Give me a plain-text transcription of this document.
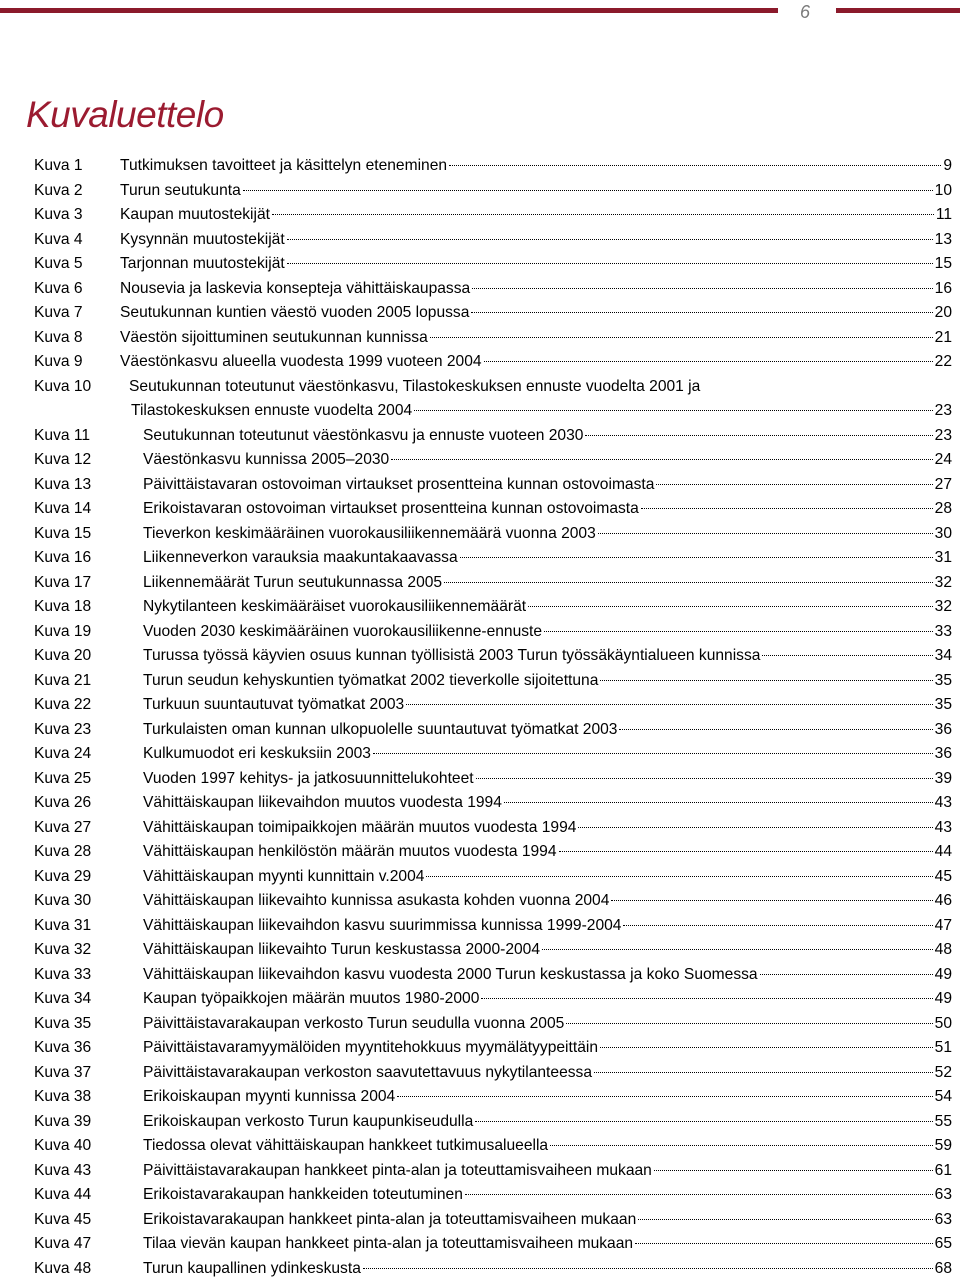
6
Kuvaluettelo
Kuva 1	Tutkimuksen tavoitteet ja käsittelyn eteneminen	9
Kuva 2	Turun seutukunta	10
Kuva 3	Kaupan muutostekijät	11
Kuva 4	Kysynnän muutostekijät	13
Kuva 5	Tarjonnan muutostekijät	15
Kuva 6	Nousevia ja laskevia konsepteja vähittäiskaupassa	16
Kuva 7	Seutukunnan kuntien väestö vuoden 2005 lopussa	20
Kuva 8	Väestön sijoittuminen seutukunnan kunnissa	21
Kuva 9	Väestönkasvu alueella vuodesta 1999 vuoteen 2004	22
Kuva 10	Seutukunnan toteutunut väestönkasvu, Tilastokeskuksen ennuste vuodelta 2001 ja
Tilastokeskuksen ennuste vuodelta 2004	23
Kuva 11	Seutukunnan toteutunut väestönkasvu ja ennuste vuoteen 2030	23
Kuva 12	Väestönkasvu kunnissa 2005–2030	24
Kuva 13	Päivittäistavaran ostovoiman virtaukset prosentteina kunnan ostovoimasta	27
Kuva 14	Erikoistavaran ostovoiman virtaukset prosentteina kunnan ostovoimasta	28
Kuva 15	Tieverkon keskimääräinen vuorokausiliikennemäärä vuonna 2003	30
Kuva 16	Liikenneverkon varauksia maakuntakaavassa	31
Kuva 17	Liikennemäärät Turun seutukunnassa 2005	32
Kuva 18	Nykytilanteen keskimääräiset vuorokausiliikennemäärät	32
Kuva 19	Vuoden 2030 keskimääräinen vuorokausiliikenne-ennuste	33
Kuva 20	Turussa työssä käyvien osuus kunnan työllisistä 2003 Turun työssäkäyntialueen kunnissa	34
Kuva 21	Turun seudun kehyskuntien työmatkat 2002 tieverkolle sijoitettuna	35
Kuva 22	Turkuun suuntautuvat työmatkat 2003	35
Kuva 23	Turkulaisten oman kunnan ulkopuolelle suuntautuvat työmatkat 2003	36
Kuva 24	Kulkumuodot eri keskuksiin 2003	36
Kuva 25	Vuoden 1997 kehitys- ja jatkosuunnittelukohteet	39
Kuva 26	Vähittäiskaupan liikevaihdon muutos vuodesta 1994	43
Kuva 27	Vähittäiskaupan toimipaikkojen määrän muutos vuodesta 1994	43
Kuva 28	Vähittäiskaupan henkilöstön määrän muutos vuodesta 1994	44
Kuva 29	Vähittäiskaupan myynti kunnittain v.2004	45
Kuva 30	Vähittäiskaupan liikevaihto kunnissa asukasta kohden vuonna 2004	46
Kuva 31	Vähittäiskaupan liikevaihdon kasvu suurimmissa kunnissa 1999-2004	47
Kuva 32	Vähittäiskaupan liikevaihto Turun keskustassa 2000-2004	48
Kuva 33	Vähittäiskaupan liikevaihdon kasvu vuodesta 2000 Turun keskustassa ja koko Suomessa	49
Kuva 34	Kaupan työpaikkojen määrän muutos 1980-2000	49
Kuva 35	Päivittäistavarakaupan verkosto Turun seudulla vuonna 2005	50
Kuva 36	Päivittäistavaramyymälöiden myyntitehokkuus myymälätyypeittäin	51
Kuva 37	Päivittäistavarakaupan verkoston saavutettavuus nykytilanteessa	52
Kuva 38	Erikoiskaupan myynti kunnissa 2004	54
Kuva 39	Erikoiskaupan verkosto Turun kaupunkiseudulla	55
Kuva 40	Tiedossa olevat vähittäiskaupan hankkeet tutkimusalueella	59
Kuva 43	Päivittäistavarakaupan hankkeet pinta-alan ja toteuttamisvaiheen mukaan	61
Kuva 44	Erikoistavarakaupan hankkeiden toteutuminen	63
Kuva 45	Erikoistavarakaupan hankkeet pinta-alan ja toteuttamisvaiheen mukaan	63
Kuva 47	Tilaa vievän kaupan hankkeet pinta-alan ja toteuttamisvaiheen mukaan	65
Kuva 48	Turun kaupallinen ydinkeskusta	68
